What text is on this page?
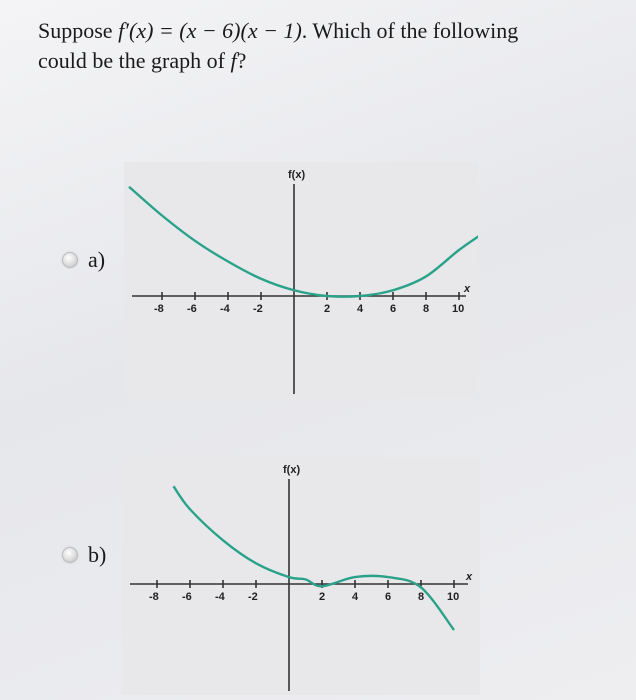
Suppose f′(x) = (x − 6)(x − 1). Which of the following
could be the graph of f?
a)
f(x)
x
-8 -6 -4 -2	2 4 6 8 10
b)
f(x)
x
-8 -6 -4 -2	2 4 6 8 10
